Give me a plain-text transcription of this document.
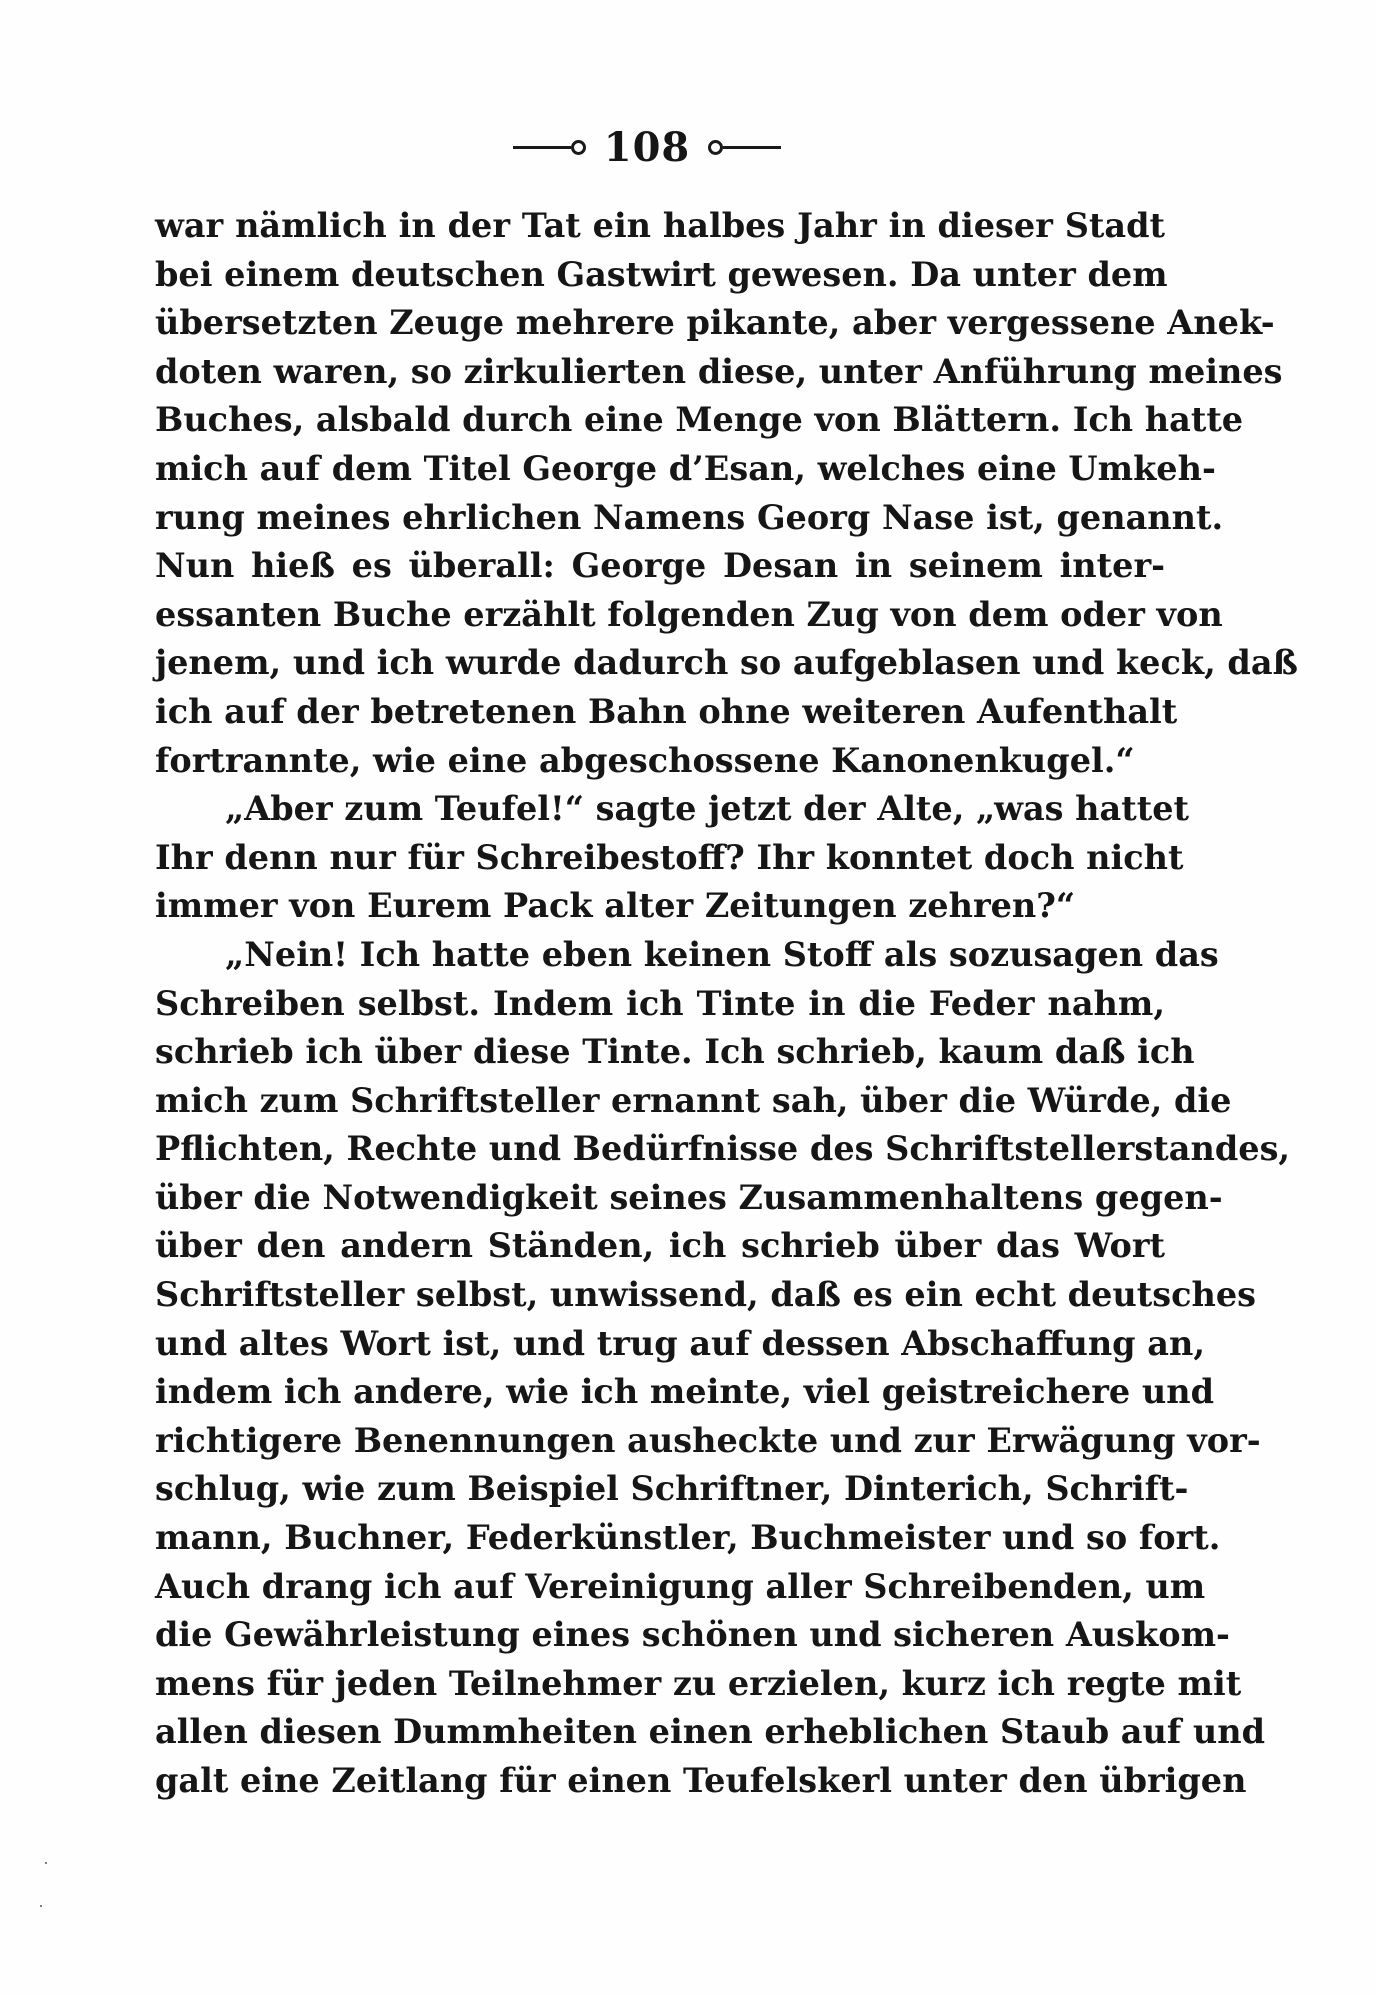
108
war nämlich in der Tat ein halbes Jahr in dieser Stadt
bei einem deutschen Gastwirt gewesen. Da unter dem
übersetzten Zeuge mehrere pikante, aber vergessene Anek-
doten waren, so zirkulierten diese, unter Anführung meines
Buches, alsbald durch eine Menge von Blättern. Ich hatte
mich auf dem Titel George d’Esan, welches eine Umkeh-
rung meines ehrlichen Namens Georg Nase ist, genannt.
Nun hieß es überall: George Desan in seinem inter-
essanten Buche erzählt folgenden Zug von dem oder von
jenem, und ich wurde dadurch so aufgeblasen und keck, daß
ich auf der betretenen Bahn ohne weiteren Aufenthalt
fortrannte, wie eine abgeschossene Kanonenkugel.“
„Aber zum Teufel!“ sagte jetzt der Alte, „was hattet
Ihr denn nur für Schreibestoff? Ihr konntet doch nicht
immer von Eurem Pack alter Zeitungen zehren?“
„Nein! Ich hatte eben keinen Stoff als sozusagen das
Schreiben selbst. Indem ich Tinte in die Feder nahm,
schrieb ich über diese Tinte. Ich schrieb, kaum daß ich
mich zum Schriftsteller ernannt sah, über die Würde, die
Pflichten, Rechte und Bedürfnisse des Schriftstellerstandes,
über die Notwendigkeit seines Zusammenhaltens gegen-
über den andern Ständen, ich schrieb über das Wort
Schriftsteller selbst, unwissend, daß es ein echt deutsches
und altes Wort ist, und trug auf dessen Abschaffung an,
indem ich andere, wie ich meinte, viel geistreichere und
richtigere Benennungen ausheckte und zur Erwägung vor-
schlug, wie zum Beispiel Schriftner, Dinterich, Schrift-
mann, Buchner, Federkünstler, Buchmeister und so fort.
Auch drang ich auf Vereinigung aller Schreibenden, um
die Gewährleistung eines schönen und sicheren Auskom-
mens für jeden Teilnehmer zu erzielen, kurz ich regte mit
allen diesen Dummheiten einen erheblichen Staub auf und
galt eine Zeitlang für einen Teufelskerl unter den übrigen
